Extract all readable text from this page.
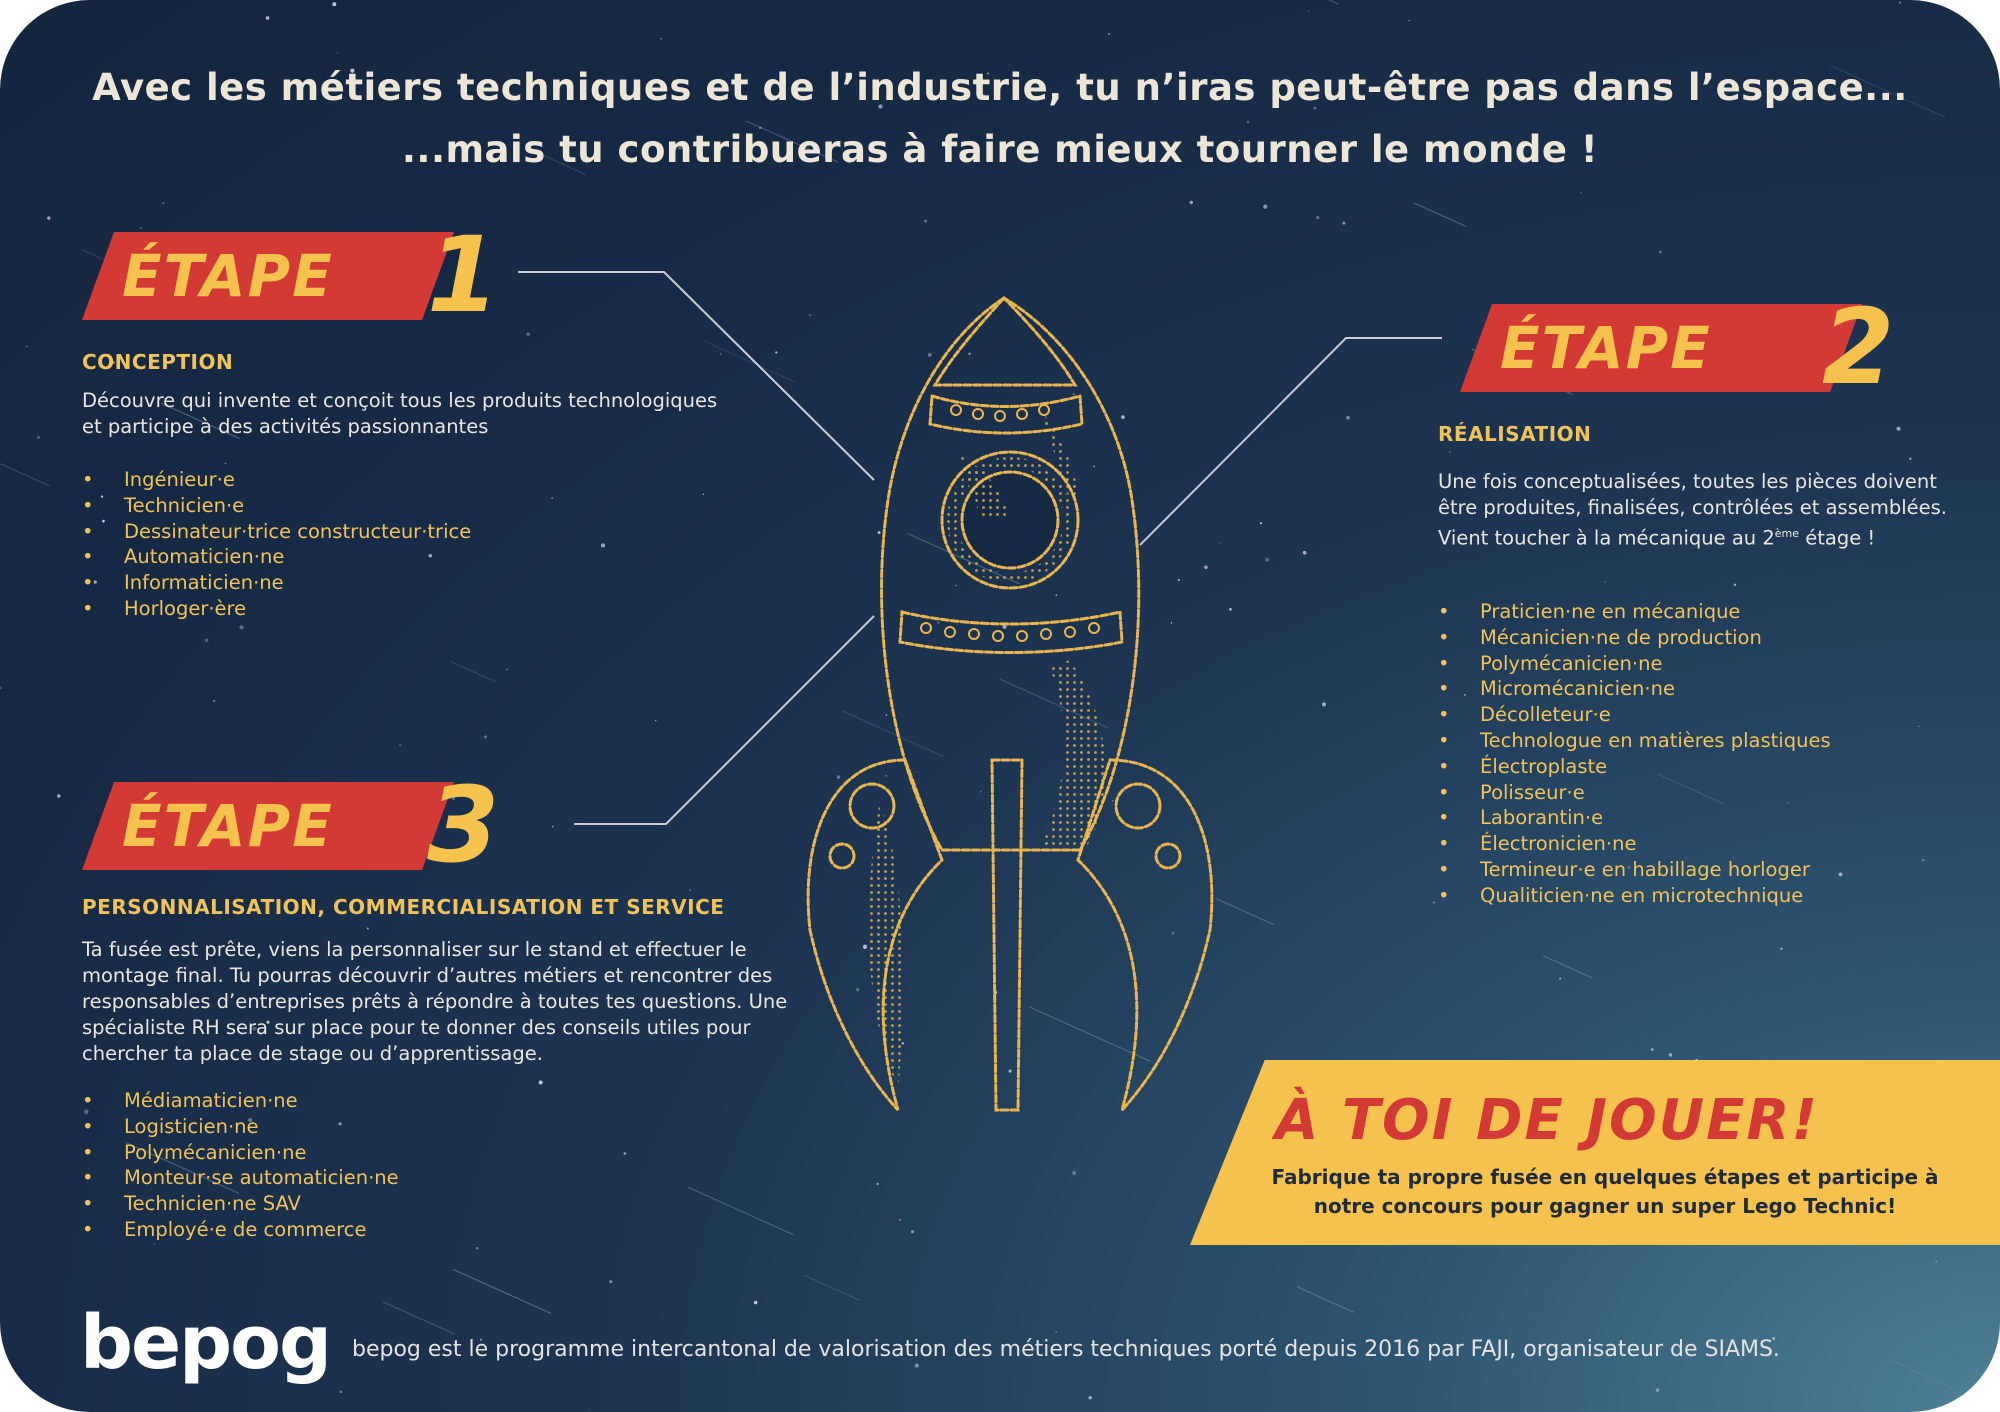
Avec les métiers techniques et de l’industrie, tu n’iras peut-être pas dans l’espace...
...mais tu contribueras à faire mieux tourner le monde !
ÉTAPE 1
CONCEPTION

Découvre qui invente et conçoit tous les produits technologiques et participe à des activités passionnantes

• Ingénieur·e
• Technicien·e
• Dessinateur·trice constructeur·trice
• Automaticien·ne
• Informaticien·ne
• Horloger·ère
ÉTAPE 2
RÉALISATION

Une fois conceptualisées, toutes les pièces doivent être produites, finalisées, contrôlées et assemblées. Vient toucher à la mécanique au 2ème étage !

• Praticien·ne en mécanique
• Mécanicien·ne de production
• Polymécanicien·ne
• Micromécanicien·ne
• Décolleteur·e
• Technologue en matières plastiques
• Électroplaste
• Polisseur·e
• Laborantin·e
• Électronicien·ne
• Termineur·e en habillage horloger
• Qualiticien·ne en microtechnique
ÉTAPE 3
PERSONNALISATION, COMMERCIALISATION ET SERVICE

Ta fusée est prête, viens la personnaliser sur le stand et effectuer le montage final. Tu pourras découvrir d’autres métiers et rencontrer des responsables d’entreprises prêts à répondre à toutes tes questions. Une spécialiste RH sera sur place pour te donner des conseils utiles pour chercher ta place de stage ou d’apprentissage.

• Médiamaticien·ne
• Logisticien·ne
• Polymécanicien·ne
• Monteur·se automaticien·ne
• Technicien·ne SAV
• Employé·e de commerce
À TOI DE JOUER!

Fabrique ta propre fusée en quelques étapes et participe à notre concours pour gagner un super Lego Technic!

bepog bepog est le programme intercantonal de valorisation des métiers techniques porté depuis 2016 par FAJI, organisateur de SIAMS.
